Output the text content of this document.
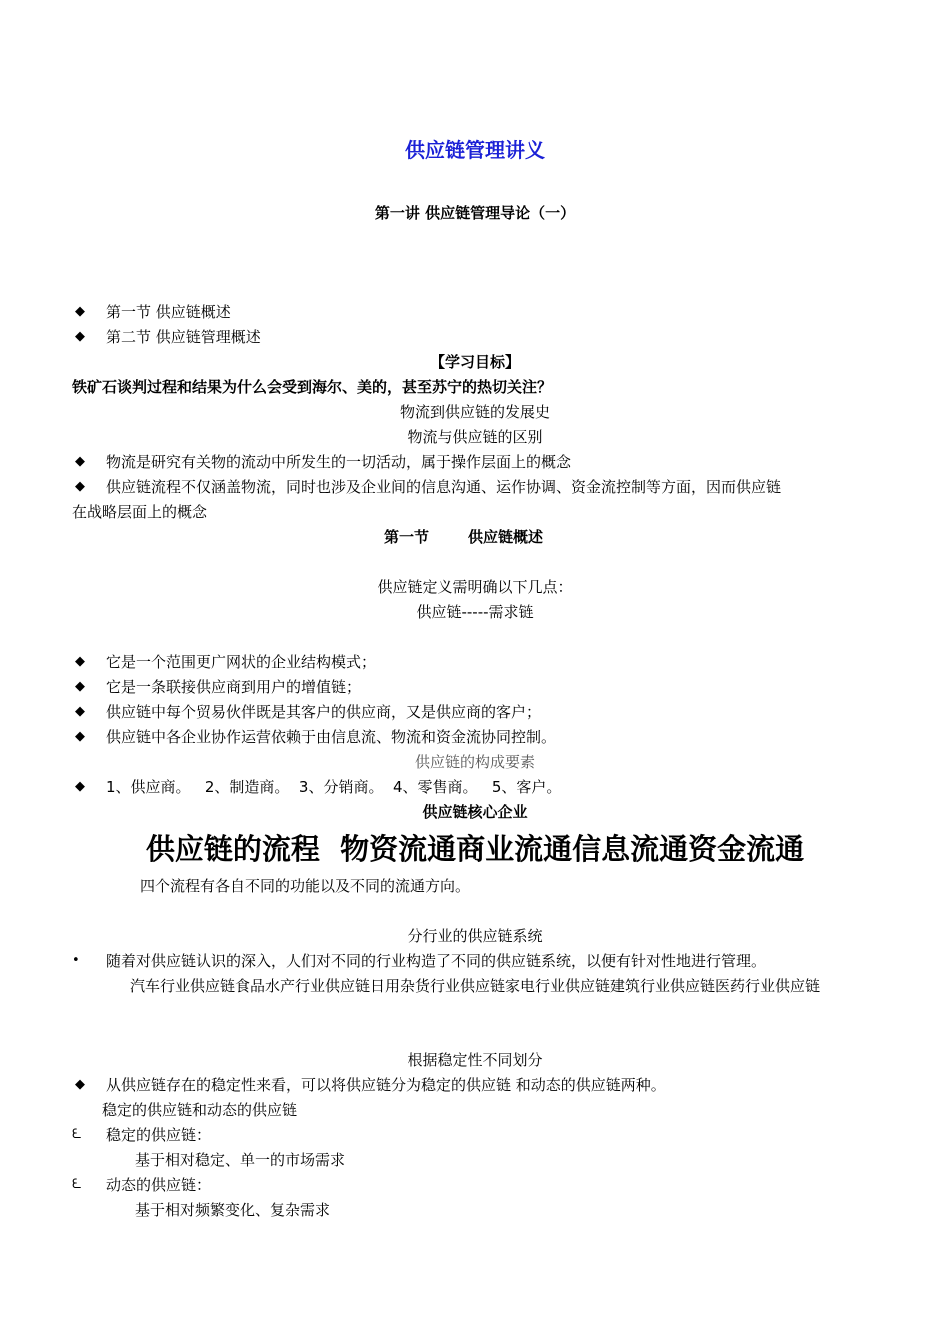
供应链管理讲义
第一讲 供应链管理导论（一）
◆ 第一节 供应链概述
◆ 第二节 供应链管理概述
【学习目标】
铁矿石谈判过程和结果为什么会受到海尔、美的，甚至苏宁的热切关注？
物流到供应链的发展史
物流与供应链的区别
◆ 物流是研究有关物的流动中所发生的一切活动，属于操作层面上的概念
◆ 供应链流程不仅涵盖物流，同时也涉及企业间的信息沟通、运作协调、资金流控制等方面，因而供应链
在战略层面上的概念
第一节	供应链概述
供应链定义需明确以下几点：
供应链-----需求链
◆ 它是一个范围更广网状的企业结构模式；
◆ 它是一条联接供应商到用户的增值链；
◆ 供应链中每个贸易伙伴既是其客户的供应商，又是供应商的客户；
◆ 供应链中各企业协作运营依赖于由信息流、物流和资金流协同控制。
供应链的构成要素
◆ 1、供应商。   2、制造商。  3、分销商。  4、零售商。   5、客户。
供应链核心企业
供应链的流程  物资流通商业流通信息流通资金流通
四个流程有各自不同的功能以及不同的流通方向。
分行业的供应链系统
• 随着对供应链认识的深入，人们对不同的行业构造了不同的供应链系统，以便有针对性地进行管理。
汽车行业供应链食品水产行业供应链日用杂货行业供应链家电行业供应链建筑行业供应链医药行业供应链
根据稳定性不同划分
◆ 从供应链存在的稳定性来看，可以将供应链分为稳定的供应链 和动态的供应链两种。
稳定的供应链和动态的供应链
ᘍ 稳定的供应链：
基于相对稳定、单一的市场需求
ᘍ 动态的供应链：
基于相对频繁变化、复杂需求
